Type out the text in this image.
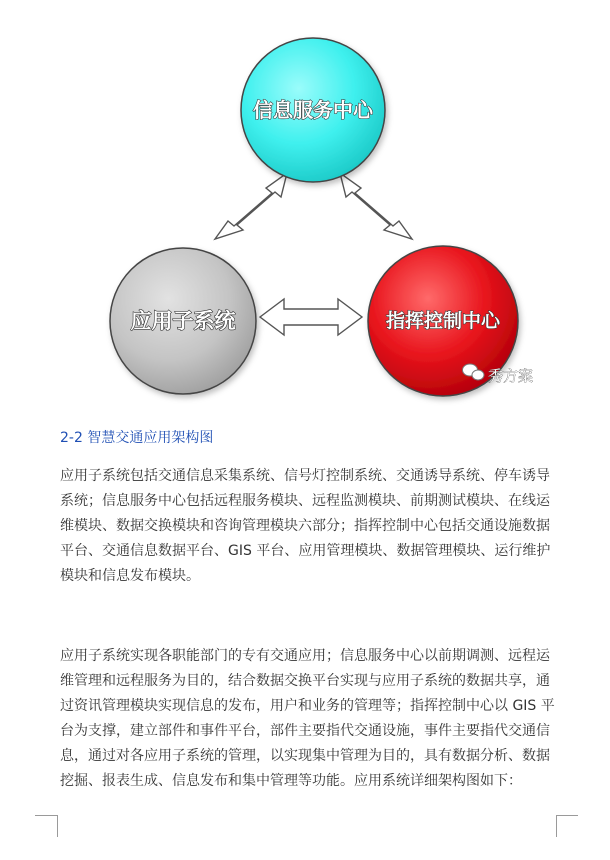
信息服务中心
应用子系统	指挥控制中心
秀方案
2-2 智慧交通应用架构图

应用子系统包括交通信息采集系统、信号灯控制系统、交通诱导系统、停车诱导系统；信息服务中心包括远程服务模块、远程监测模块、前期测试模块、在线运维模块、数据交换模块和咨询管理模块六部分；指挥控制中心包括交通设施数据平台、交通信息数据平台、GIS 平台、应用管理模块、数据管理模块、运行维护模块和信息发布模块。

应用子系统实现各职能部门的专有交通应用；信息服务中心以前期调测、远程运维管理和远程服务为目的，结合数据交换平台实现与应用子系统的数据共享，通过资讯管理模块实现信息的发布，用户和业务的管理等；指挥控制中心以 GIS 平台为支撑，建立部件和事件平台，部件主要指代交通设施，事件主要指代交通信息，通过对各应用子系统的管理，以实现集中管理为目的，具有数据分析、数据挖掘、报表生成、信息发布和集中管理等功能。应用系统详细架构图如下：
